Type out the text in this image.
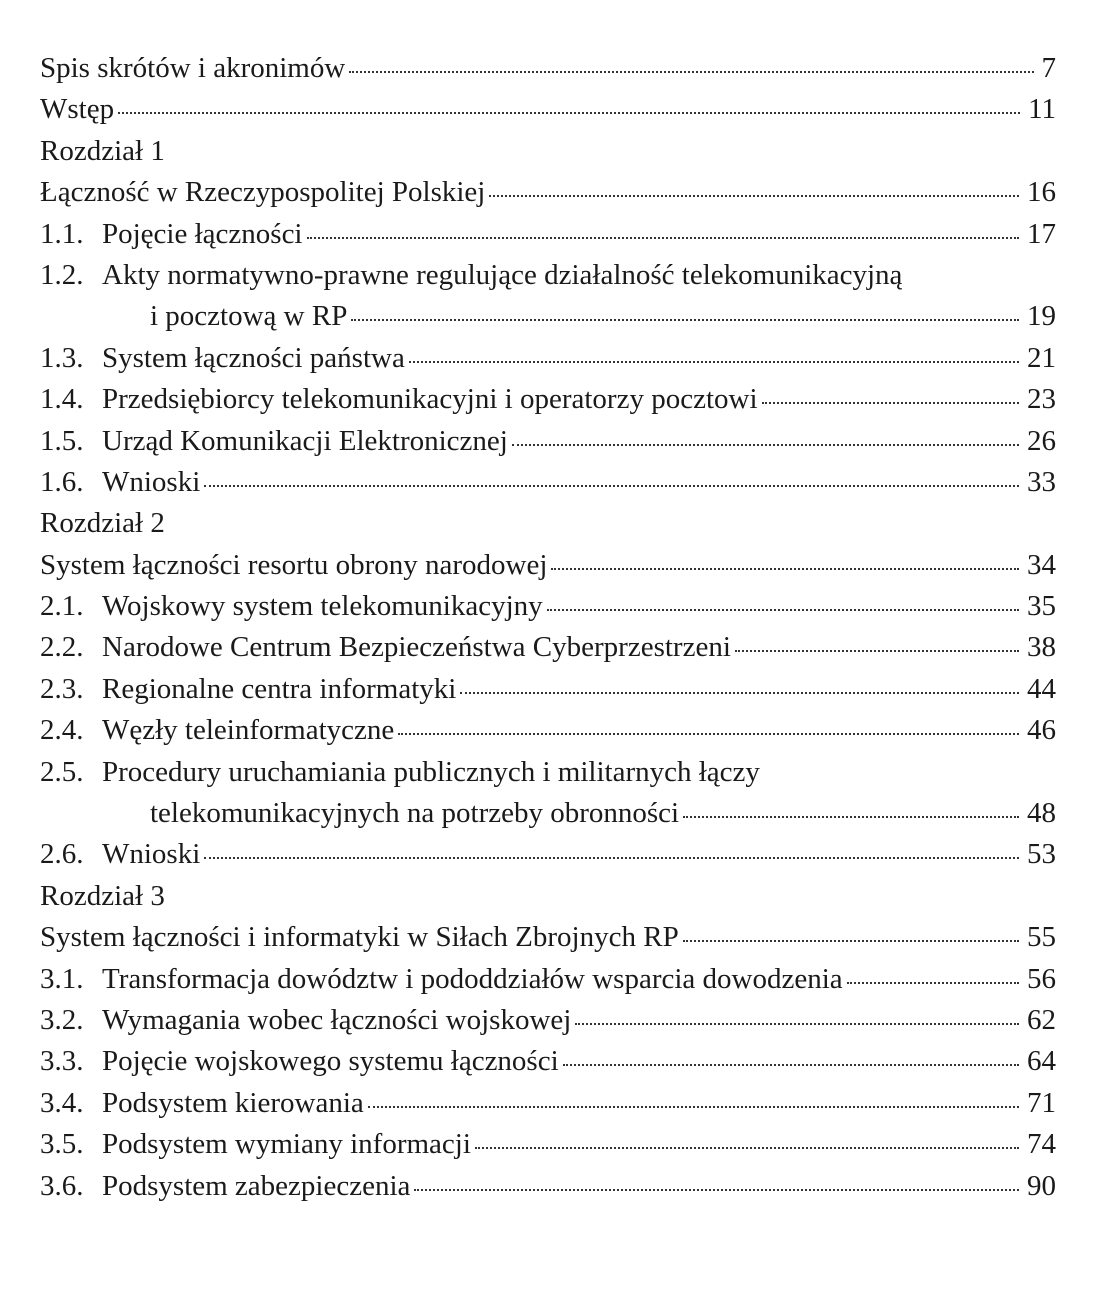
Spis skrótów i akronimów	7
Wstęp	11
Rozdział 1
Łączność w Rzeczypospolitej Polskiej	16
1.1. Pojęcie łączności	17
1.2. Akty normatywno-prawne regulujące działalność telekomunikacyjną
i pocztową w RP	19
1.3. System łączności państwa	21
1.4. Przedsiębiorcy telekomunikacyjni i operatorzy pocztowi	23
1.5. Urząd Komunikacji Elektronicznej	26
1.6. Wnioski	33
Rozdział 2
System łączności resortu obrony narodowej	34
2.1. Wojskowy system telekomunikacyjny	35
2.2. Narodowe Centrum Bezpieczeństwa Cyberprzestrzeni	38
2.3. Regionalne centra informatyki	44
2.4. Węzły teleinformatyczne	46
2.5. Procedury uruchamiania publicznych i militarnych łączy
telekomunikacyjnych na potrzeby obronności	48
2.6. Wnioski	53
Rozdział 3
System łączności i informatyki w Siłach Zbrojnych RP	55
3.1. Transformacja dowództw i pododdziałów wsparcia dowodzenia	56
3.2. Wymagania wobec łączności wojskowej	62
3.3. Pojęcie wojskowego systemu łączności	64
3.4. Podsystem kierowania	71
3.5. Podsystem wymiany informacji	74
3.6. Podsystem zabezpieczenia	90
